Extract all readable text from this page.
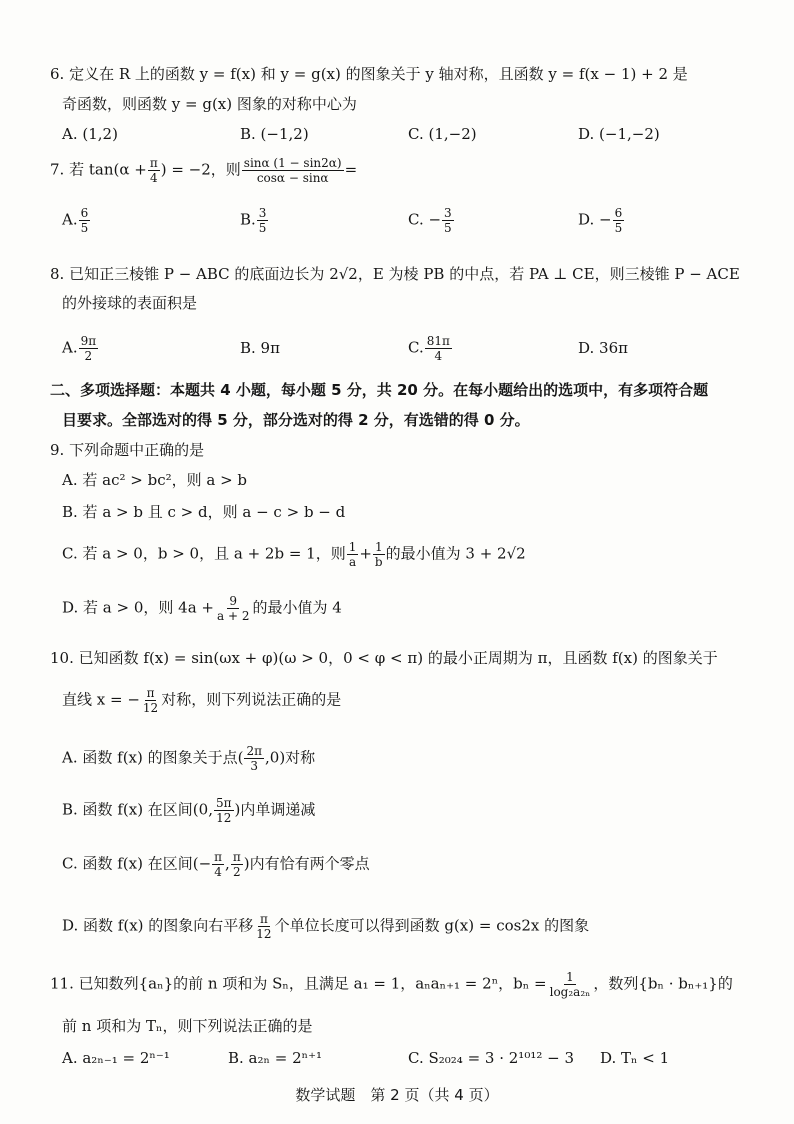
6. 定义在 R 上的函数 y = f(x) 和 y = g(x) 的图象关于 y 轴对称，且函数 y = f(x − 1) + 2 是
奇函数，则函数 y = g(x) 图象的对称中心为
A. (1,2)	B. (−1,2)	C. (1,−2)	D. (−1,−2)
7. 若 $\tan(\alpha + \frac{\pi}{4}$ ) = −2，则 $\frac{\sin\alpha (1 - \sin 2\alpha)}{\cos\alpha - \sin\alpha}$ =
A. $\frac{6}{5}$	B. $\frac{3}{5}$	C. − $\frac{3}{5}$	D. − $\frac{6}{5}$
8. 已知正三棱锥 P − ABC 的底面边长为 2√2，E 为棱 PB 的中点，若 PA ⊥ CE，则三棱锥 P − ACE
的外接球的表面积是
A. $\frac{9\pi}{2}$	B. 9π	C. $\frac{81\pi}{4}$	D. 36π
二、多项选择题：本题共 4 小题，每小题 5 分，共 20 分。在每小题给出的选项中，有多项符合题
目要求。全部选对的得 5 分，部分选对的得 2 分，有选错的得 0 分。
9. 下列命题中正确的是
A. 若 ac² > bc²，则 a > b
B. 若 a > b 且 c > d，则 a − c > b − d
C. 若 a > 0，b > 0，且 a + 2b = 1，则 $\frac{1}{a} + \frac{1}{b}$ 的最小值为 3 + 2√2
D. 若 a > 0，则 $4a + \frac{9}{a + 2}$ 的最小值为 4
10. 已知函数 f(x) = sin(ωx + φ)(ω > 0，0 < φ < π) 的最小正周期为 π，且函数 f(x) 的图象关于
直线 x = − $\frac{\pi}{12}$ 对称，则下列说法正确的是
A. 函数 f(x) 的图象关于点( $\frac{2\pi}{3} ,0$)对称
B. 函数 f(x) 在区间(0, $\frac{5\pi}{12}$ )内单调递减
C. 函数 f(x) 在区间(− $\frac{\pi}{4}$ , $\frac{\pi}{2}$ )内有恰有两个零点
D. 函数 f(x) 的图象向右平移 $\frac{\pi}{12}$ 个单位长度可以得到函数 g(x) = cos2x 的图象
11. 已知数列{aₙ}的前 n 项和为 Sₙ，且满足 a₁ = 1，aₙaₙ₊₁ = 2ⁿ，$b_n = \frac{1}{\text{log₂a₂ₙ}}$ ，数列{bₙ · bₙ₊₁}的
前 n 项和为 Tₙ，则下列说法正确的是
A. a₂ₙ₋₁ = 2ⁿ⁻¹	B. a₂ₙ = 2ⁿ⁺¹	C. S₂₀₂₄ = 3 · 2¹⁰¹² − 3 D. Tₙ < 1
数学试题　第 2 页（共 4 页）
